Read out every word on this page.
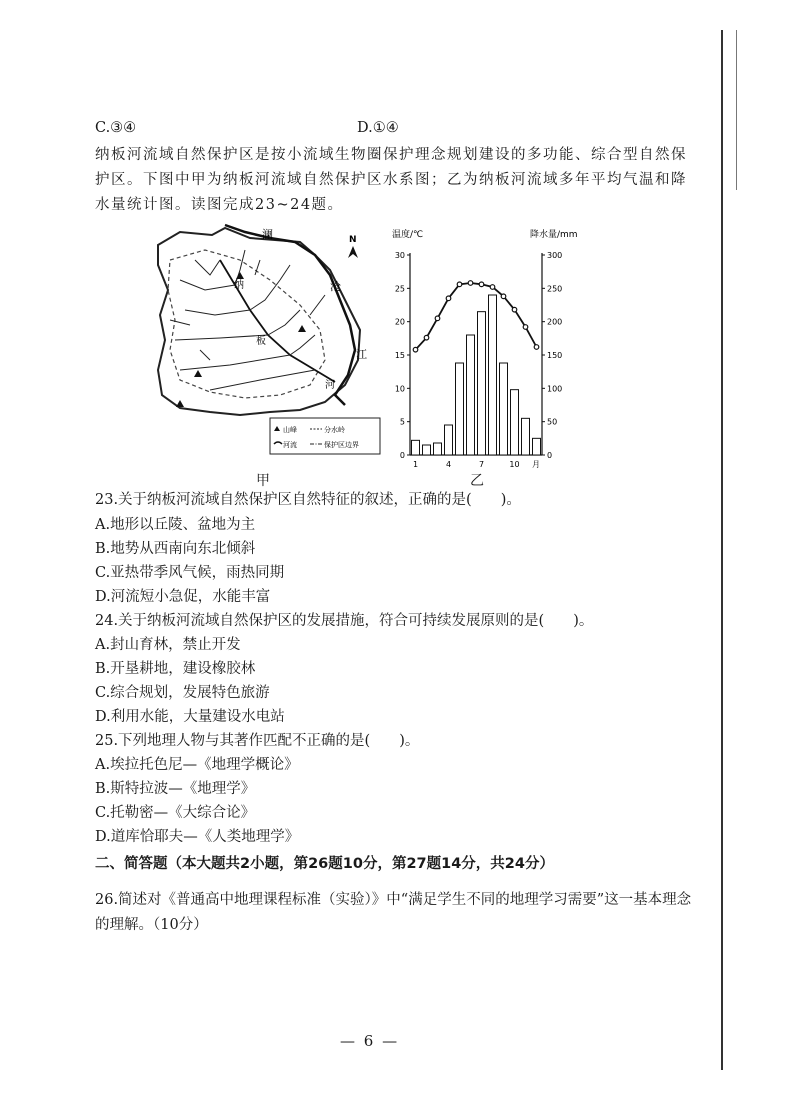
C.③④	D.①④
纳板河流域自然保护区是按小流域生物圈保护理念规划建设的多功能、综合型自然保护区。下图中甲为纳板河流域自然保护区水系图；乙为纳板河流域多年平均气温和降水量统计图。读图完成23~24题。
澜
沧
江
纳
板
河
N
山峰	分水岭
河流	保护区边界
甲
温度/℃	降水量/mm
0
5
10
15
20
25
30
0
50
100
150
200
250
300
1	4	7	10 月
乙
23.关于纳板河流域自然保护区自然特征的叙述，正确的是(　　)。
A.地形以丘陵、盆地为主
B.地势从西南向东北倾斜
C.亚热带季风气候，雨热同期
D.河流短小急促，水能丰富
24.关于纳板河流域自然保护区的发展措施，符合可持续发展原则的是(　　)。
A.封山育林，禁止开发
B.开垦耕地，建设橡胶林
C.综合规划，发展特色旅游
D.利用水能，大量建设水电站
25.下列地理人物与其著作匹配不正确的是(　　)。
A.埃拉托色尼—《地理学概论》
B.斯特拉波—《地理学》
C.托勒密—《大综合论》
D.道库恰耶夫—《人类地理学》
二、简答题（本大题共2小题，第26题10分，第27题14分，共24分）
26.简述对《普通高中地理课程标准（实验）》中“满足学生不同的地理学习需要”这一基本理念的理解。（10分）
— 6 —
